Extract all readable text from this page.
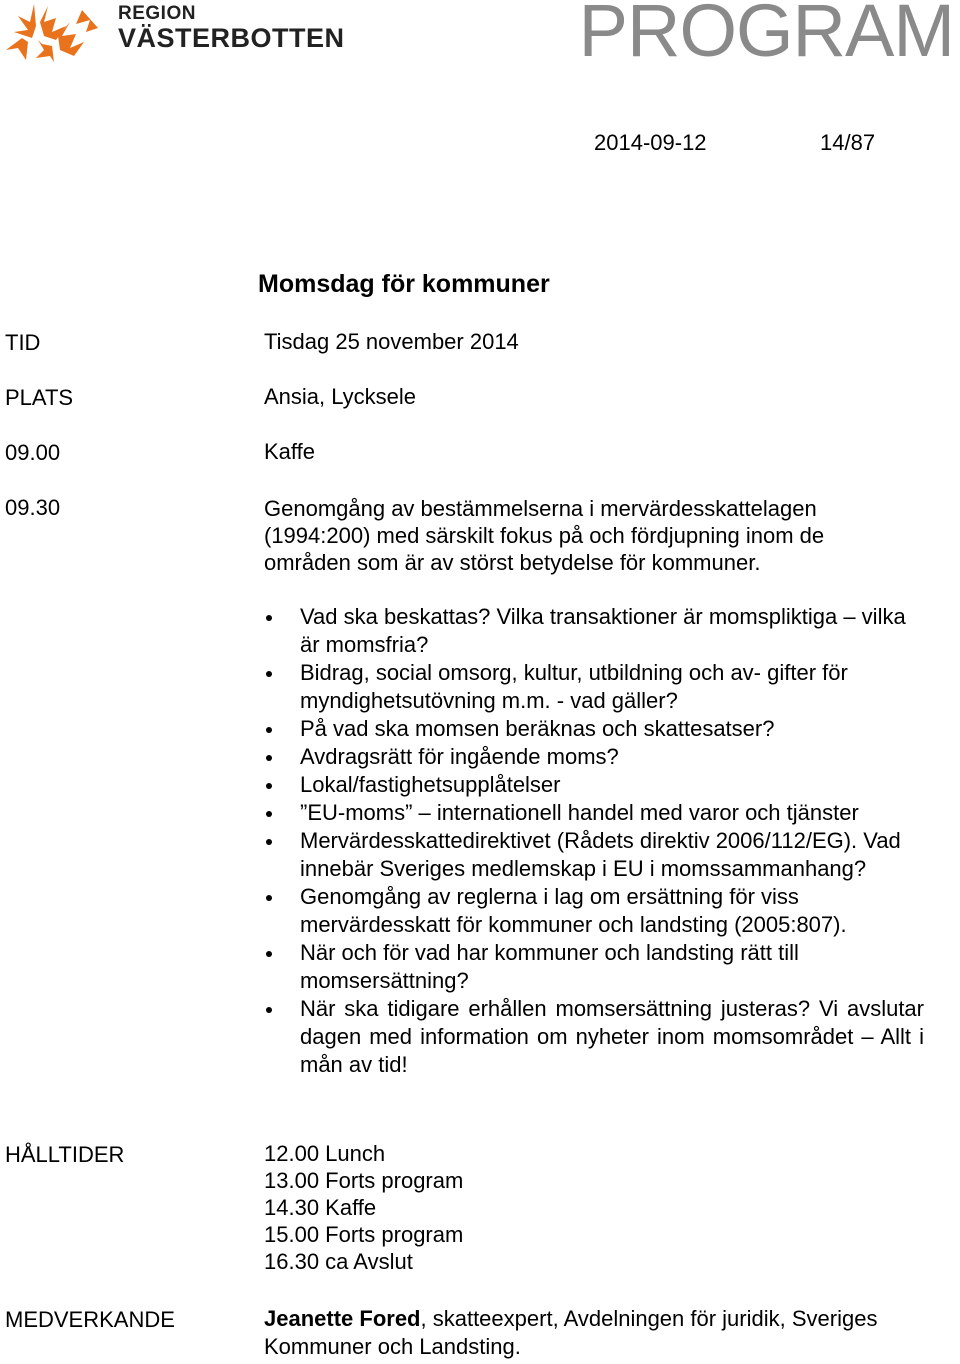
REGION
VÄSTERBOTTEN	PROGRAM
2014-09-12	14/87
Momsdag för kommuner
TID	Tisdag 25 november 2014
PLATS	Ansia, Lycksele
09.00	Kaffe
09.30	Genomgång av bestämmelserna i mervärdesskattelagen (1994:200) med särskilt fokus på och fördjupning inom de områden som är av störst betydelse för kommuner.
Vad ska beskattas? Vilka transaktioner är momspliktiga – vilka är momsfria?
Bidrag, social omsorg, kultur, utbildning och av- gifter för myndighetsutövning m.m. - vad gäller?
På vad ska momsen beräknas och skattesatser?
Avdragsrätt för ingående moms?
Lokal/fastighetsupplåtelser
”EU-moms” – internationell handel med varor och tjänster
Mervärdesskattedirektivet (Rådets direktiv 2006/112/EG). Vad innebär Sveriges medlemskap i EU i momssammanhang?
Genomgång av reglerna i lag om ersättning för viss mervärdesskatt för kommuner och landsting (2005:807).
När och för vad har kommuner och landsting rätt till momsersättning?
När ska tidigare erhållen momsersättning justeras? Vi avslutar dagen med information om nyheter inom momsområdet – Allt i mån av tid!
HÅLLTIDER	12.00 Lunch
13.00 Forts program
14.30 Kaffe
15.00 Forts program
16.30 ca Avslut
MEDVERKANDE	Jeanette Fored, skatteexpert, Avdelningen för juridik, Sveriges Kommuner och Landsting.
